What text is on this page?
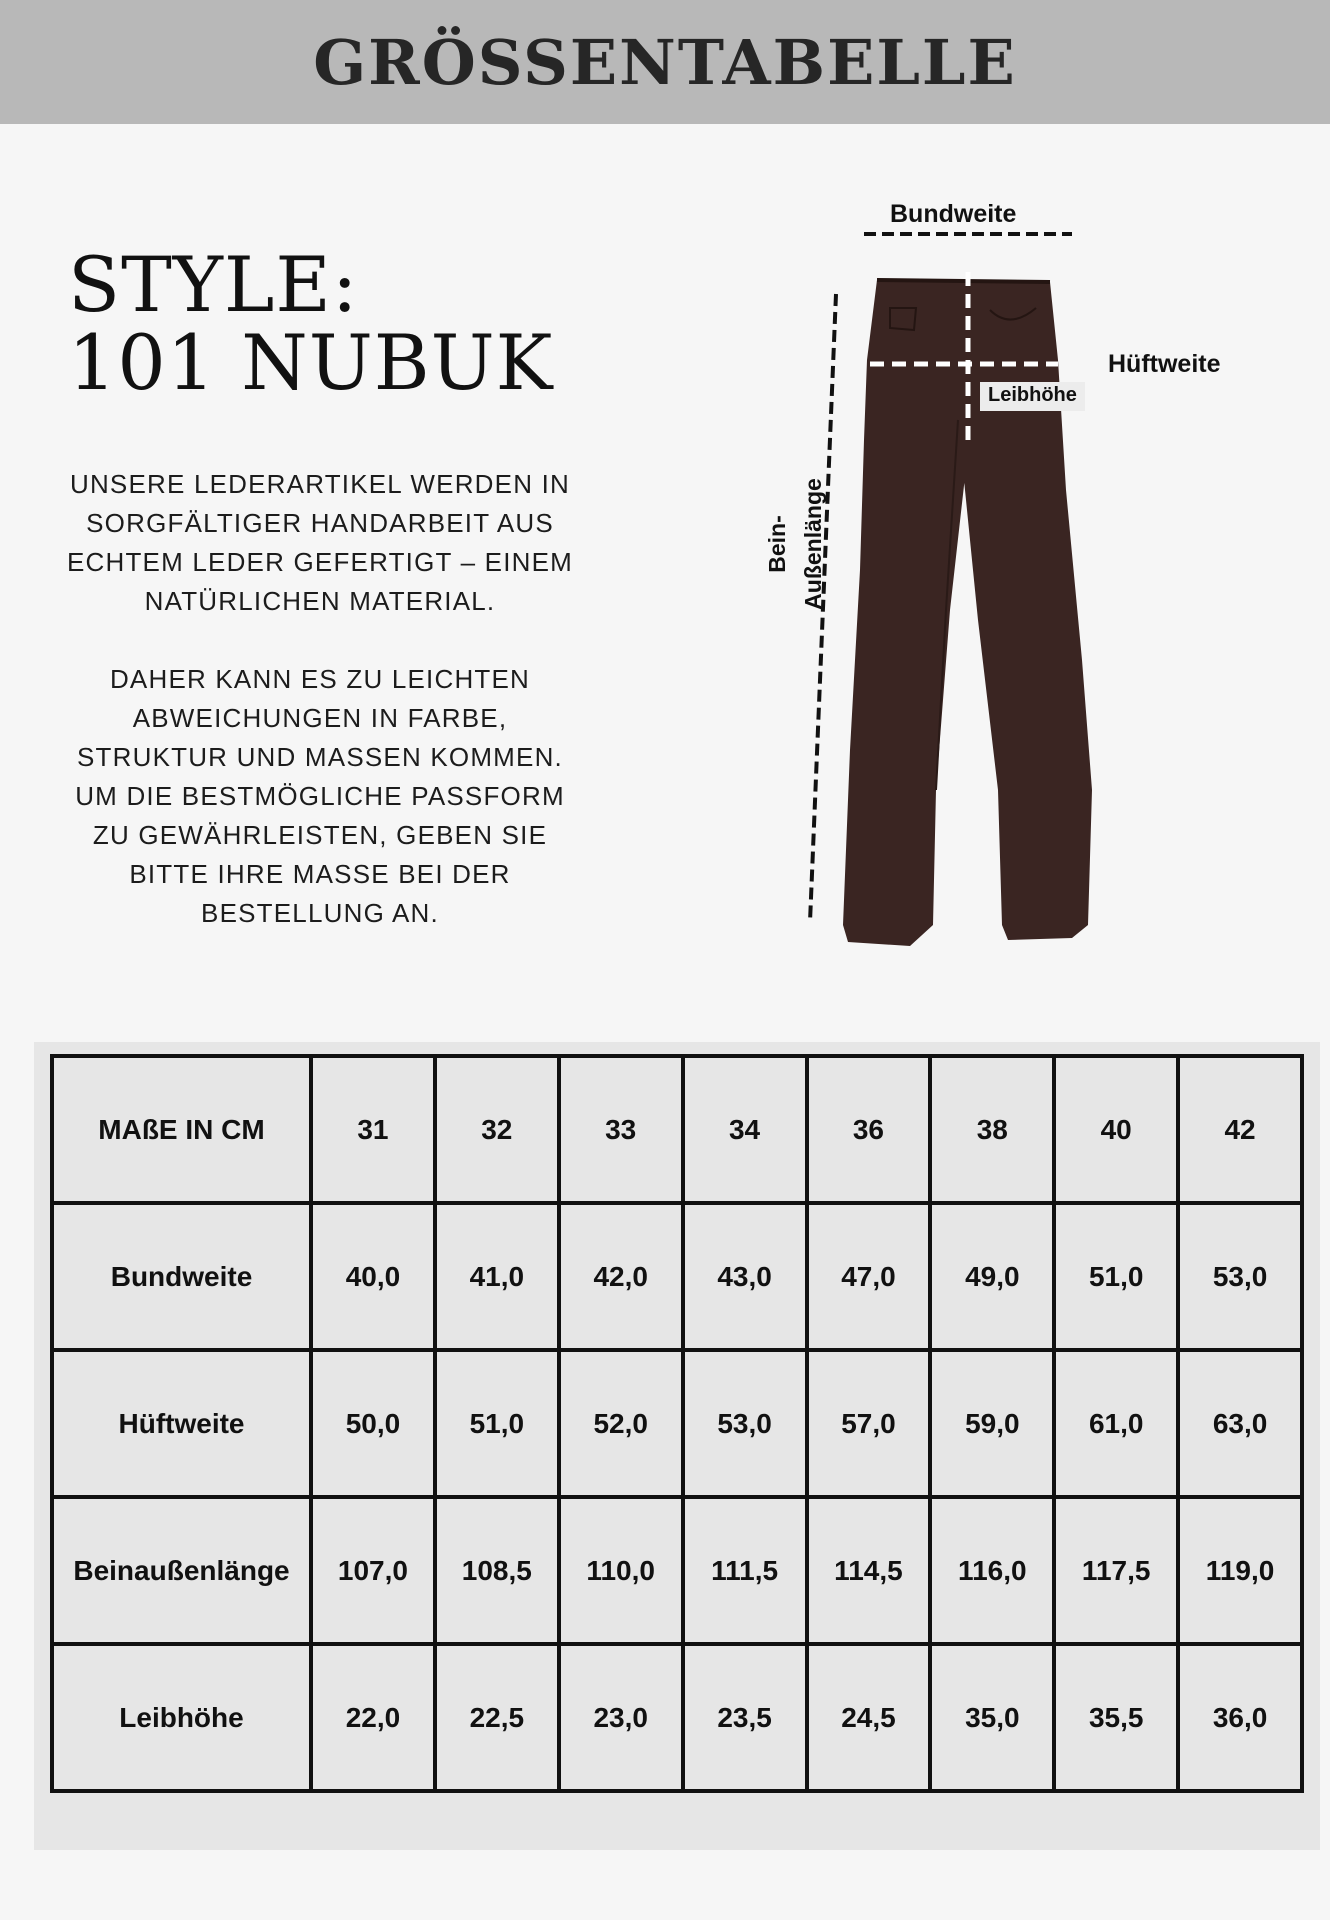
GRÖSSENTABELLE
STYLE:
101 NUBUK

UNSERE LEDERARTIKEL WERDEN IN SORGFÄLTIGER HANDARBEIT AUS ECHTEM LEDER GEFERTIGT – EINEM NATÜRLICHEN MATERIAL.

DAHER KANN ES ZU LEICHTEN ABWEICHUNGEN IN FARBE, STRUKTUR UND MASSEN KOMMEN. UM DIE BESTMÖGLICHE PASSFORM ZU GEWÄHRLEISTEN, GEBEN SIE BITTE IHRE MASSE BEI DER BESTELLUNG AN.

Bundweite
Hüftweite
Leibhöhe
Bein- Außenlänge
MAßE IN CM	31	32	33	34	36	38	40	42
Bundweite	40,0	41,0	42,0	43,0	47,0	49,0	51,0	53,0
Hüftweite	50,0	51,0	52,0	53,0	57,0	59,0	61,0	63,0
Beinaußenlänge	107,0	108,5	110,0	111,5	114,5	116,0	117,5	119,0
Leibhöhe	22,0	22,5	23,0	23,5	24,5	35,0	35,5	36,0
